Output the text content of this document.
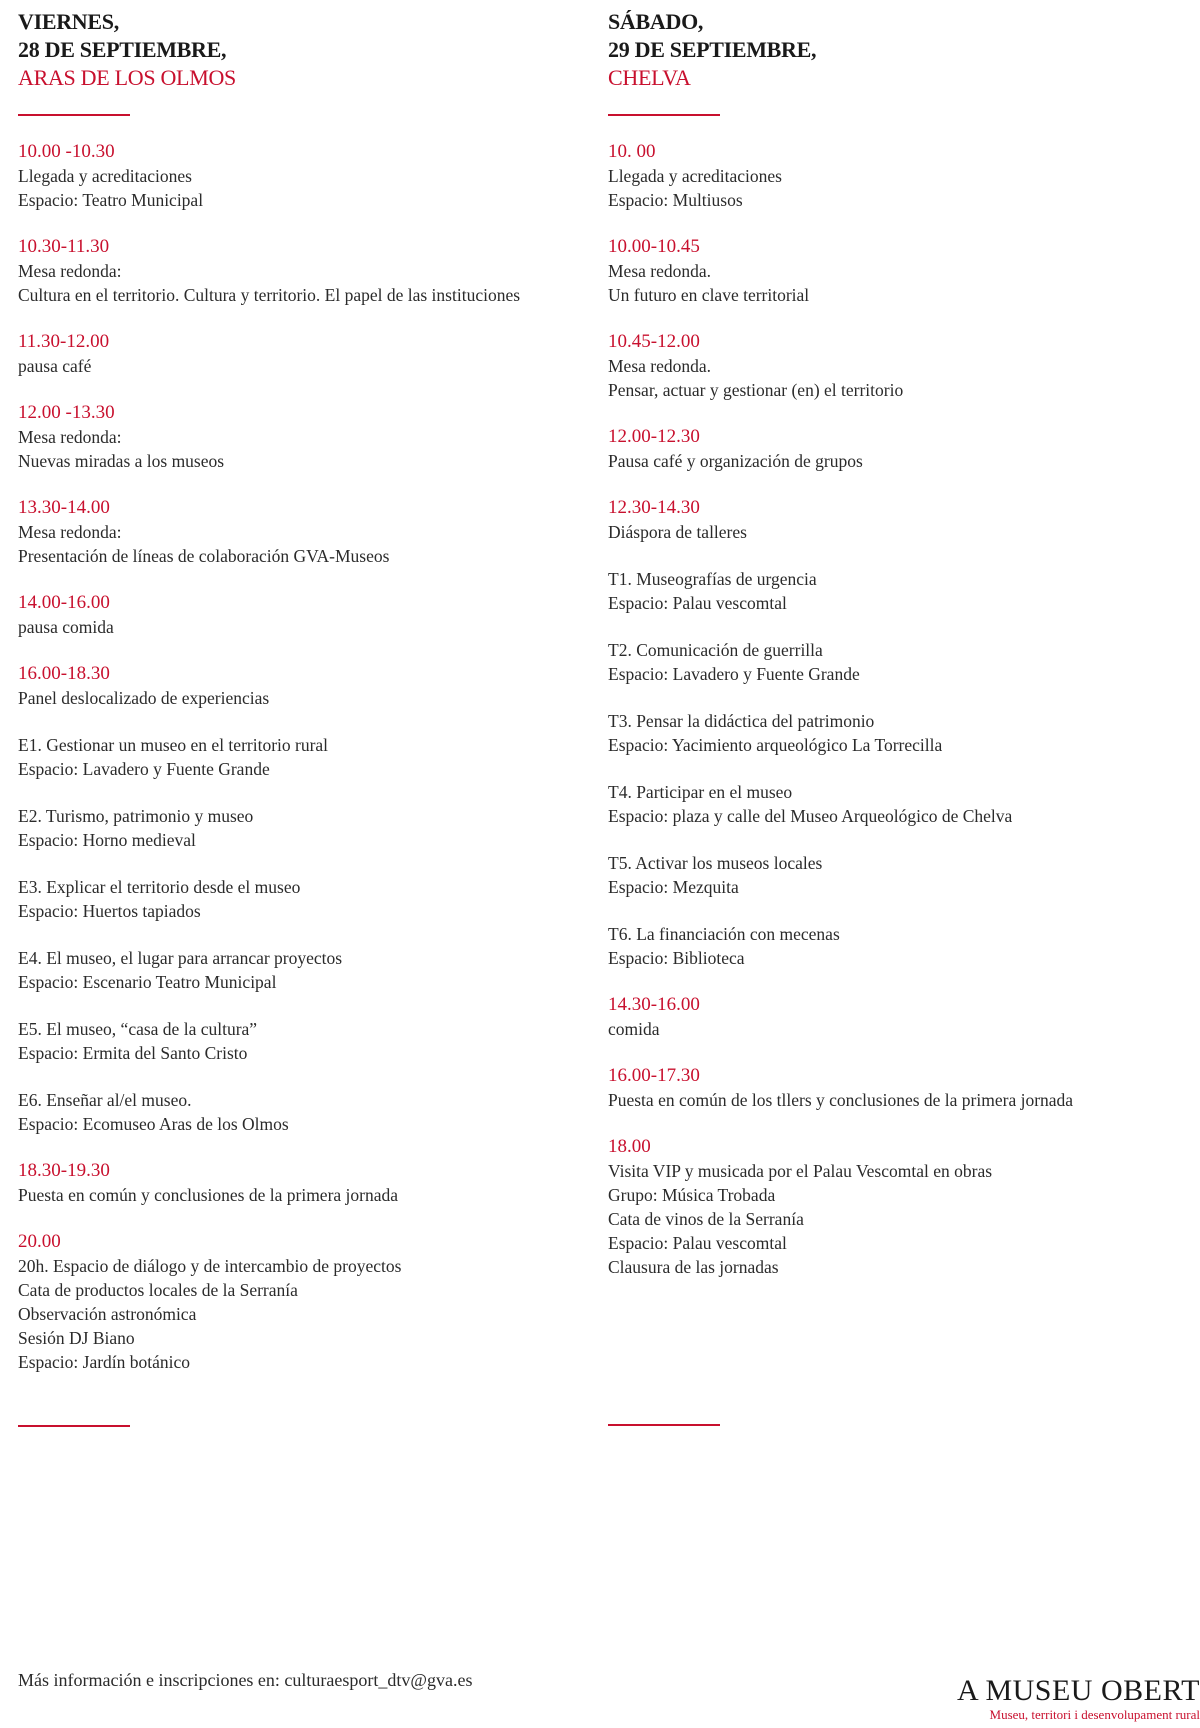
VIERNES,
28 DE SEPTIEMBRE,
ARAS DE LOS OLMOS
10.00 -10.30
Llegada y acreditaciones
Espacio: Teatro Municipal
10.30-11.30
Mesa redonda:
Cultura en el territorio. Cultura y territorio. El papel de las instituciones
11.30-12.00
pausa café
12.00 -13.30
Mesa redonda:
Nuevas miradas a los museos
13.30-14.00
Mesa redonda:
Presentación de líneas de colaboración GVA-Museos
14.00-16.00
pausa comida
16.00-18.30
Panel deslocalizado de experiencias
E1. Gestionar un museo en el territorio rural
Espacio: Lavadero y Fuente Grande
E2. Turismo, patrimonio y museo
Espacio: Horno medieval
E3. Explicar el territorio desde el museo
Espacio: Huertos tapiados
E4. El museo, el lugar para arrancar proyectos
Espacio: Escenario Teatro Municipal
E5. El museo, “casa de la cultura”
Espacio: Ermita del Santo Cristo
E6. Enseñar al/el museo.
Espacio: Ecomuseo Aras de los Olmos
18.30-19.30
Puesta en común y conclusiones de la primera jornada
20.00
20h. Espacio de diálogo y de intercambio de proyectos
Cata de productos locales de la Serranía
Observación astronómica
Sesión DJ Biano
Espacio: Jardín botánico
SÁBADO,
29 DE SEPTIEMBRE,
CHELVA
10. 00
Llegada y acreditaciones
Espacio: Multiusos
10.00-10.45
Mesa redonda.
Un futuro en clave territorial
10.45-12.00
Mesa redonda.
Pensar, actuar y gestionar (en) el territorio
12.00-12.30
Pausa café y organización de grupos
12.30-14.30
Diáspora de talleres
T1. Museografías de urgencia
Espacio: Palau vescomtal
T2. Comunicación de guerrilla
Espacio: Lavadero y Fuente Grande
T3. Pensar la didáctica del patrimonio
Espacio: Yacimiento arqueológico La Torrecilla
T4. Participar en el museo
Espacio: plaza y calle del Museo Arqueológico de Chelva
T5. Activar los museos locales
Espacio: Mezquita
T6. La financiación con mecenas
Espacio: Biblioteca
14.30-16.00
comida
16.00-17.30
Puesta en común de los tllers y conclusiones de la primera jornada
18.00
Visita VIP y musicada por el Palau Vescomtal en obras
Grupo: Música Trobada
Cata de vinos de la Serranía
Espacio: Palau vescomtal
Clausura de las jornadas
Más información e inscripciones en: culturaesport_dtv@gva.es	A MUSEU OBERT
Museu, territori i desenvolupament rural
